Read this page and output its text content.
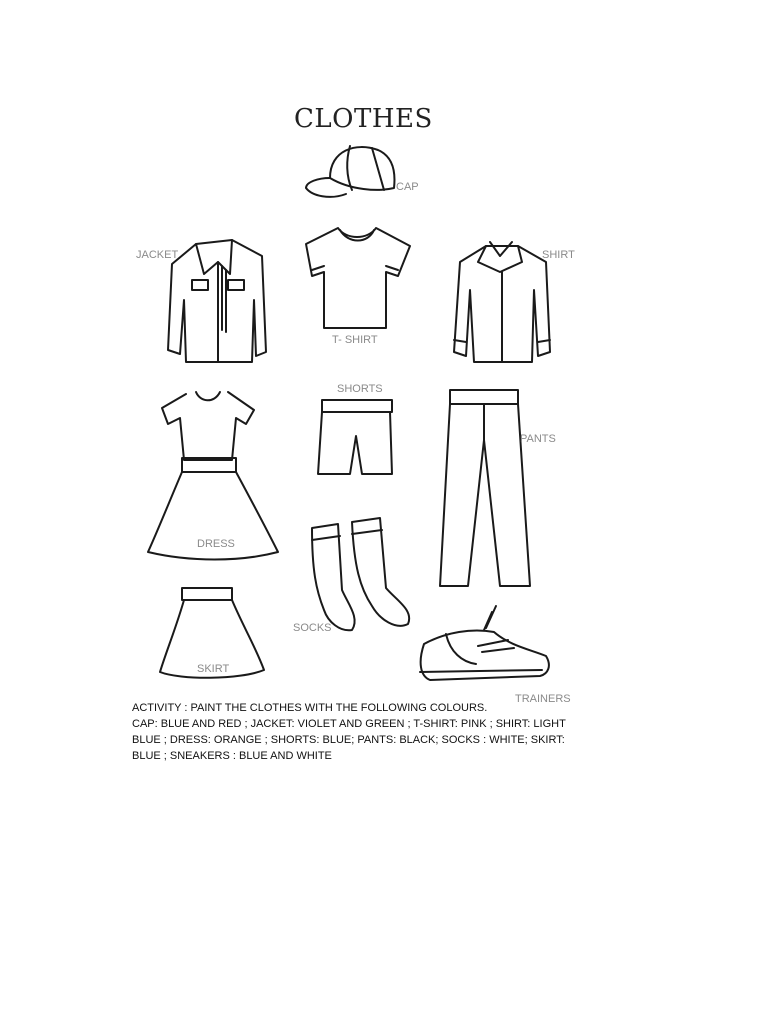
CLOTHES
CAP
JACKET
T- SHIRT
SHIRT
SHORTS
PANTS
DRESS
SOCKS
SKIRT
TRAINERS
ACTIVITY : PAINT THE CLOTHES WITH THE FOLLOWING COLOURS.
CAP: BLUE AND RED ; JACKET: VIOLET AND GREEN ; T-SHIRT: PINK ; SHIRT: LIGHT
BLUE ; DRESS: ORANGE ; SHORTS: BLUE; PANTS: BLACK; SOCKS : WHITE; SKIRT:
BLUE ; SNEAKERS : BLUE AND WHITE
